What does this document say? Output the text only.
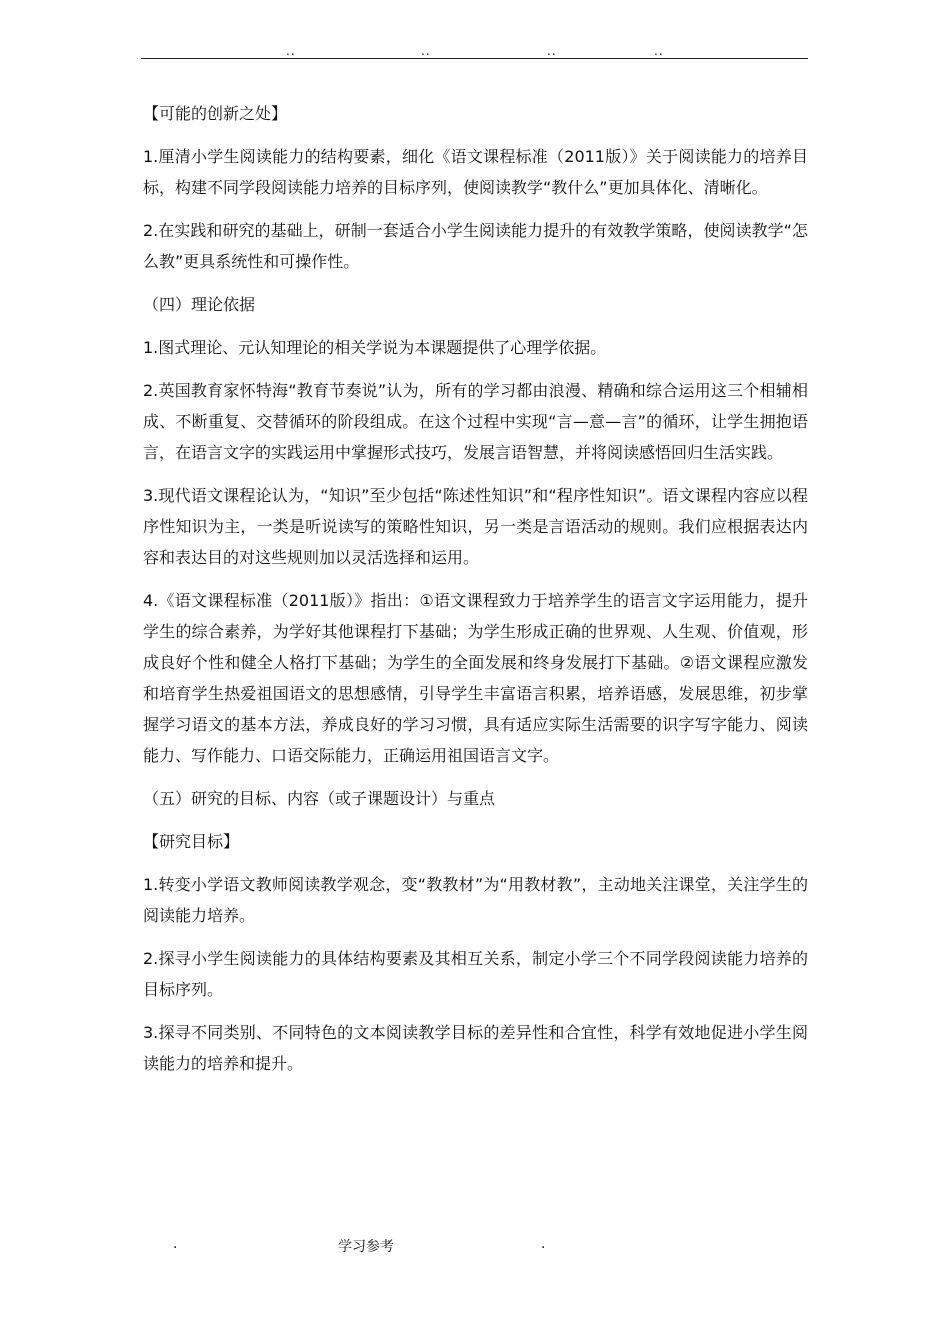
..	..	..	..

【可能的创新之处】

1.厘清小学生阅读能力的结构要素，细化《语文课程标准（2011版）》关于阅读能力的培养目标，构建不同学段阅读能力培养的目标序列，使阅读教学“教什么”更加具体化、清晰化。

2.在实践和研究的基础上，研制一套适合小学生阅读能力提升的有效教学策略，使阅读教学“怎么教”更具系统性和可操作性。

（四）理论依据

1.图式理论、元认知理论的相关学说为本课题提供了心理学依据。

2.英国教育家怀特海“教育节奏说”认为，所有的学习都由浪漫、精确和综合运用这三个相辅相成、不断重复、交替循环的阶段组成。在这个过程中实现“言—意—言”的循环，让学生拥抱语言，在语言文字的实践运用中掌握形式技巧，发展言语智慧，并将阅读感悟回归生活实践。

3.现代语文课程论认为，“知识”至少包括“陈述性知识”和“程序性知识”。语文课程内容应以程序性知识为主，一类是听说读写的策略性知识，另一类是言语活动的规则。我们应根据表达内容和表达目的对这些规则加以灵活选择和运用。

4.《语文课程标准（2011版）》指出：①语文课程致力于培养学生的语言文字运用能力，提升学生的综合素养，为学好其他课程打下基础；为学生形成正确的世界观、人生观、价值观，形成良好个性和健全人格打下基础；为学生的全面发展和终身发展打下基础。②语文课程应激发和培育学生热爱祖国语文的思想感情，引导学生丰富语言积累，培养语感，发展思维，初步掌握学习语文的基本方法，养成良好的学习习惯，具有适应实际生活需要的识字写字能力、阅读能力、写作能力、口语交际能力，正确运用祖国语言文字。

（五）研究的目标、内容（或子课题设计）与重点

【研究目标】

1.转变小学语文教师阅读教学观念，变“教教材”为“用教材教”，主动地关注课堂，关注学生的阅读能力培养。

2.探寻小学生阅读能力的具体结构要素及其相互关系，制定小学三个不同学段阅读能力培养的目标序列。

3.探寻不同类别、不同特色的文本阅读教学目标的差异性和合宜性，科学有效地促进小学生阅读能力的培养和提升。

.	学习参考	.
